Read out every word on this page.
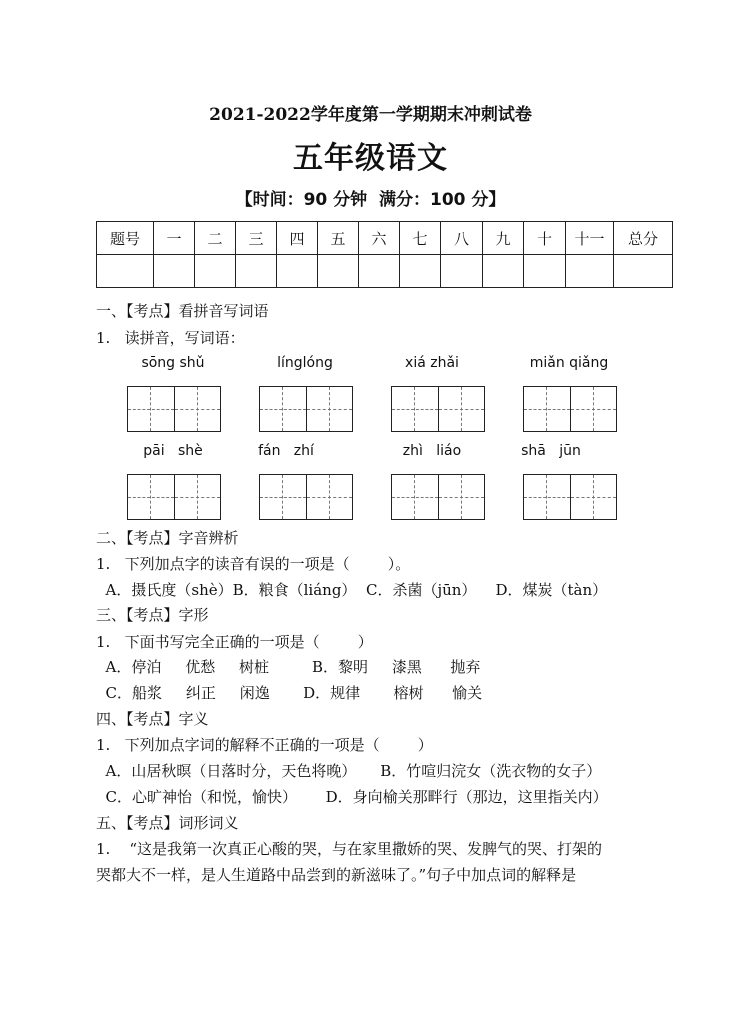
2021-2022学年度第一学期期末冲刺试卷
五年级语文
【时间：90 分钟  满分：100 分】
题号	一	二	三	四	五	六	七	八	九	十	十一	总分

一、【考点】看拼音写词语
1.   读拼音，写词语：
sōng shǔ	línglóng	xiá zhǎi	miǎn qiǎng
pāi   shè	fán   zhí	zhì   liáo	shā   jūn
二、【考点】字音辨析
1.   下列加点字的读音有误的一项是（        ）。
A．摄氏度（shè）B．粮食（liáng）  C．杀菌（jūn）    D．煤炭（tàn）
三、【考点】字形
1.   下面书写完全正确的一项是（        ）
A．停泊     优愁     树桩         B．黎明     漆黑      抛弃
C．船浆     纠正     闲逸       D．规律       榕树      愉关
四、【考点】字义
1.   下列加点字词的解释不正确的一项是（        ）
A．山居秋暝（日落时分，天色将晚）     B．竹喧归浣女（洗衣物的女子）
C．心旷神怡（和悦，愉快）      D．身向榆关那畔行（那边，这里指关内）
五、【考点】词形词义
1.    “这是我第一次真正心酸的哭，与在家里撒娇的哭、发脾气的哭、打架的
哭都大不一样，是人生道路中品尝到的新滋味了。”句子中加点词的解释是
